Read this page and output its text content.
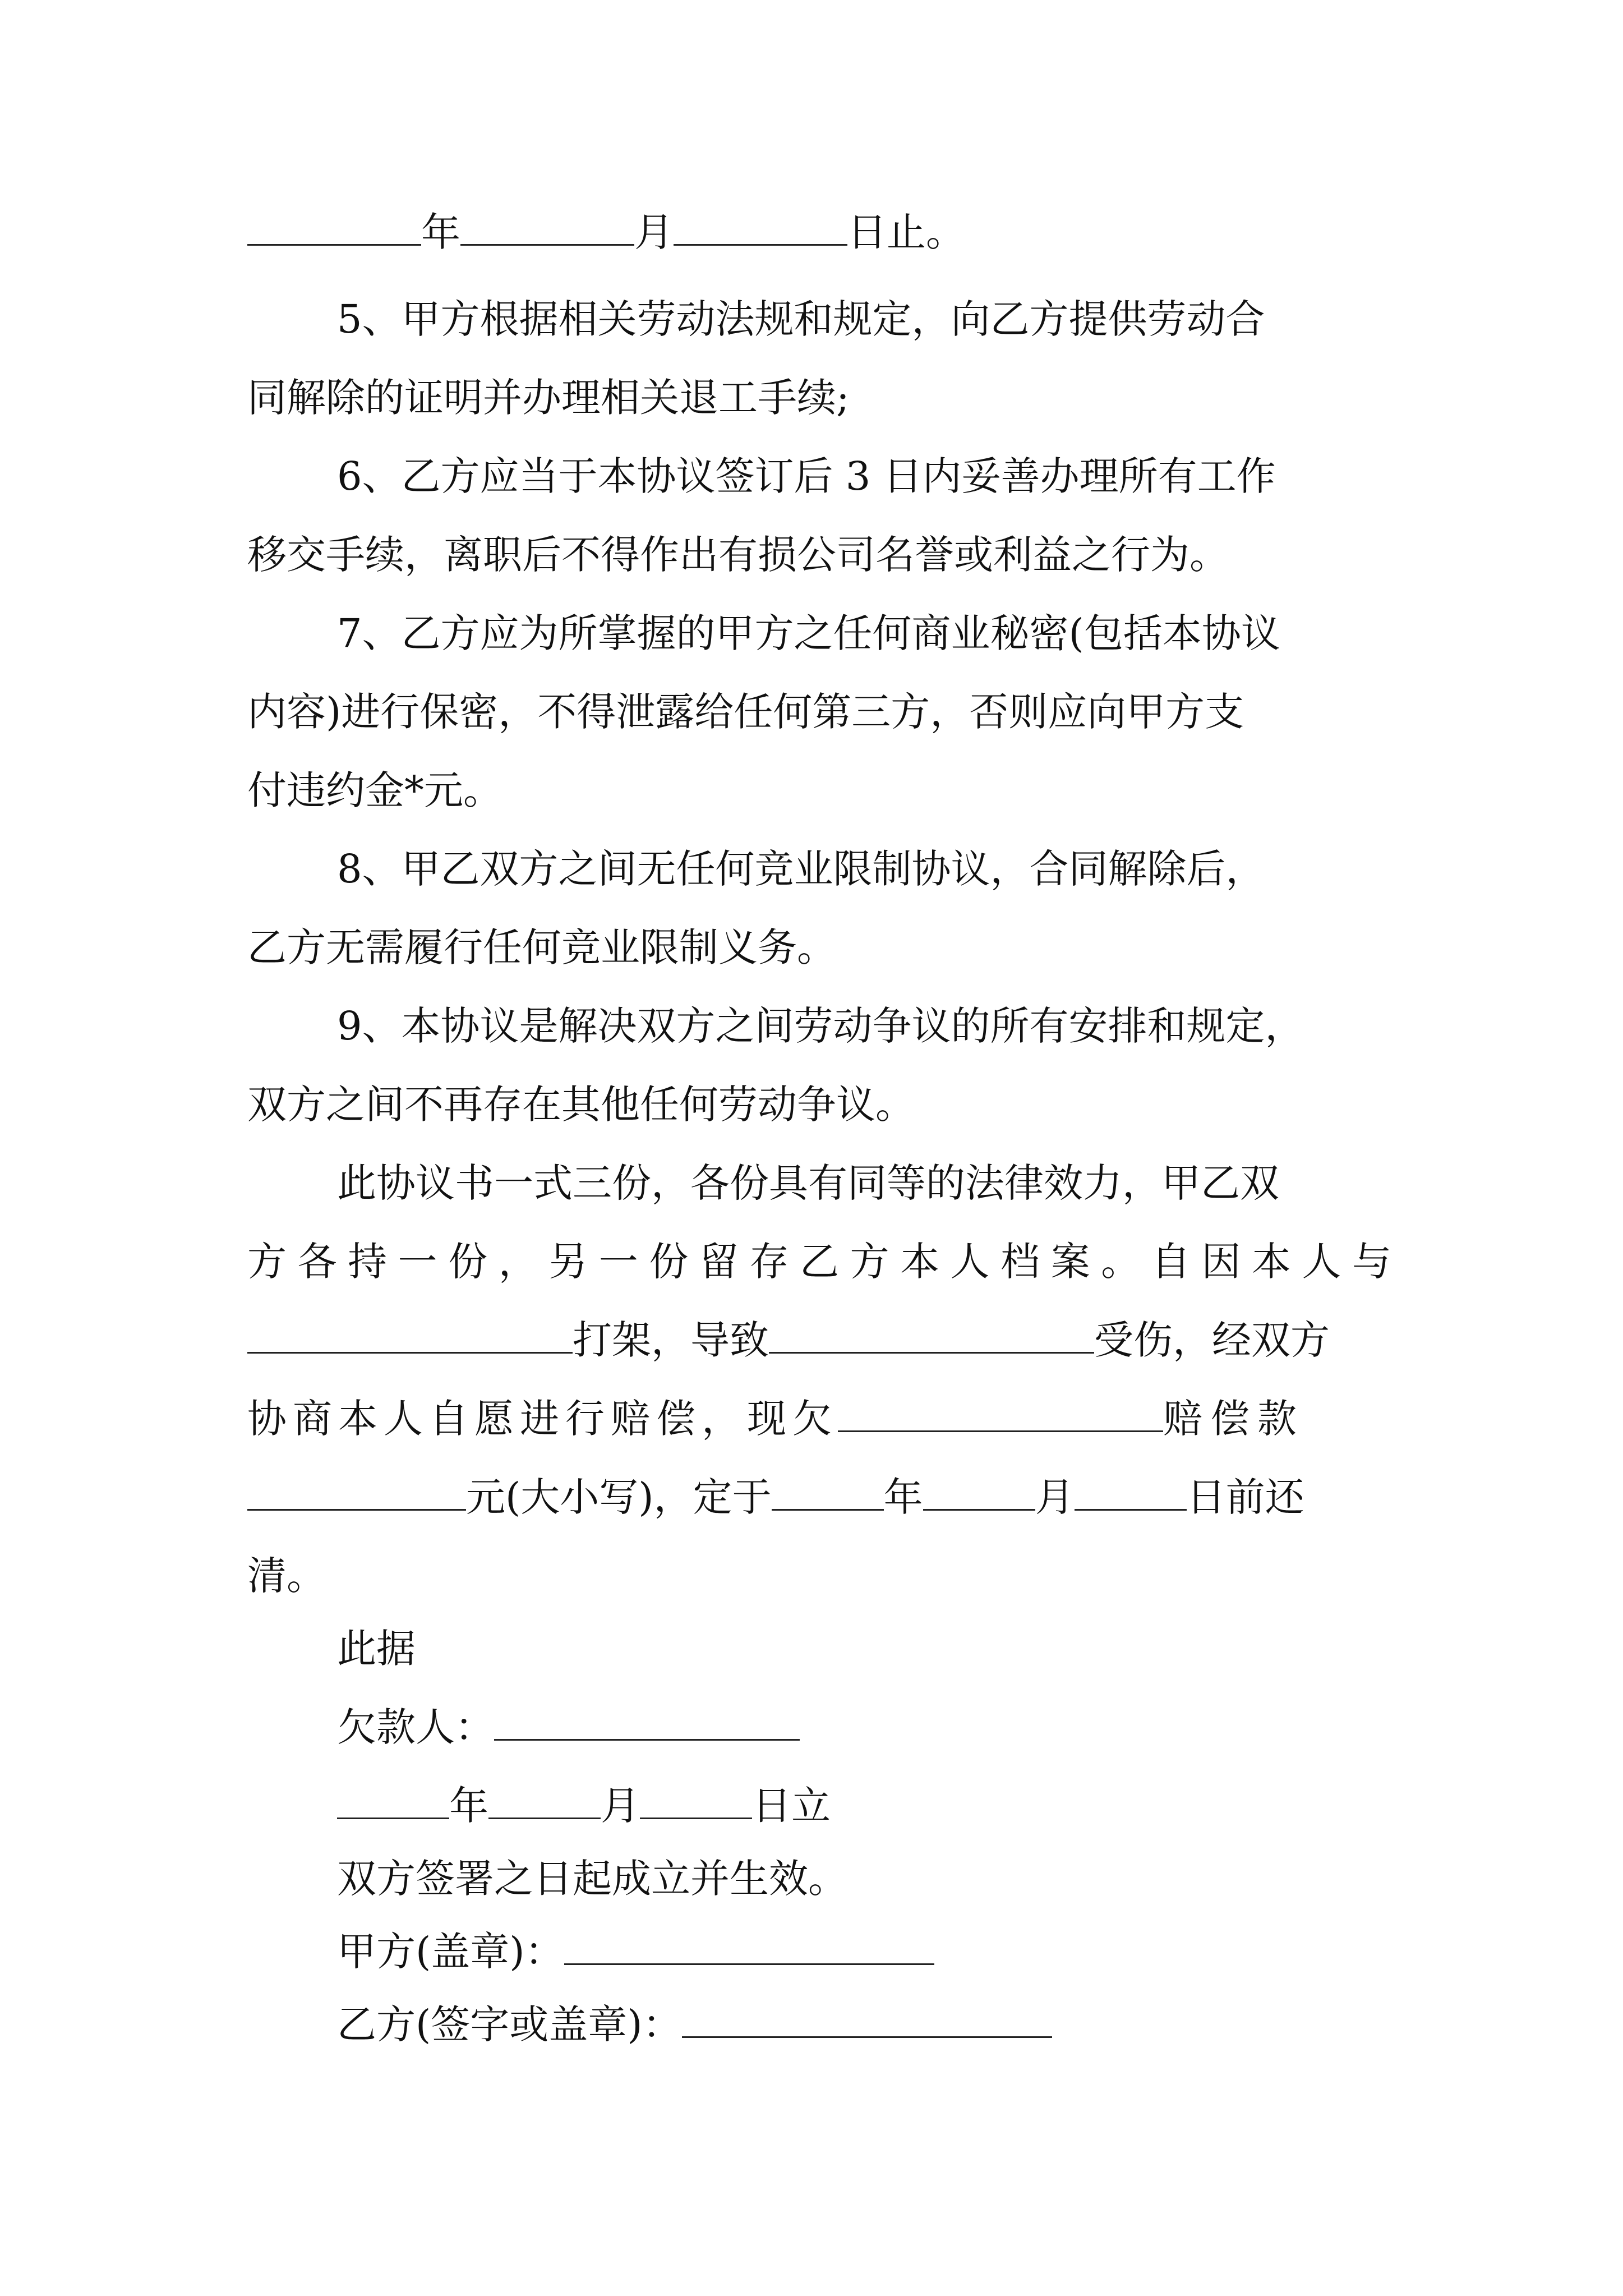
年	月	日止。
5、甲方根据相关劳动法规和规定，向乙方提供劳动合
同解除的证明并办理相关退工手续;
6、乙方应当于本协议签订后 3 日内妥善办理所有工作
移交手续，离职后不得作出有损公司名誉或利益之行为。
7、乙方应为所掌握的甲方之任何商业秘密(包括本协议
内容)进行保密，不得泄露给任何第三方，否则应向甲方支
付违约金*元。
8、甲乙双方之间无任何竞业限制协议，合同解除后，
乙方无需履行任何竞业限制义务。
9、本协议是解决双方之间劳动争议的所有安排和规定，
双方之间不再存在其他任何劳动争议。
此协议书一式三份，各份具有同等的法律效力，甲乙双
方各持一份，另一份留存乙方本人档案。自因本人与
打架，导致	受伤，经双方
协商本人自愿进行赔偿，现欠	赔偿款
元(大小写)，定于	年	月	日前还
清。
此据
欠款人：
年	月	日立
双方签署之日起成立并生效。
甲方(盖章)：
乙方(签字或盖章)：
